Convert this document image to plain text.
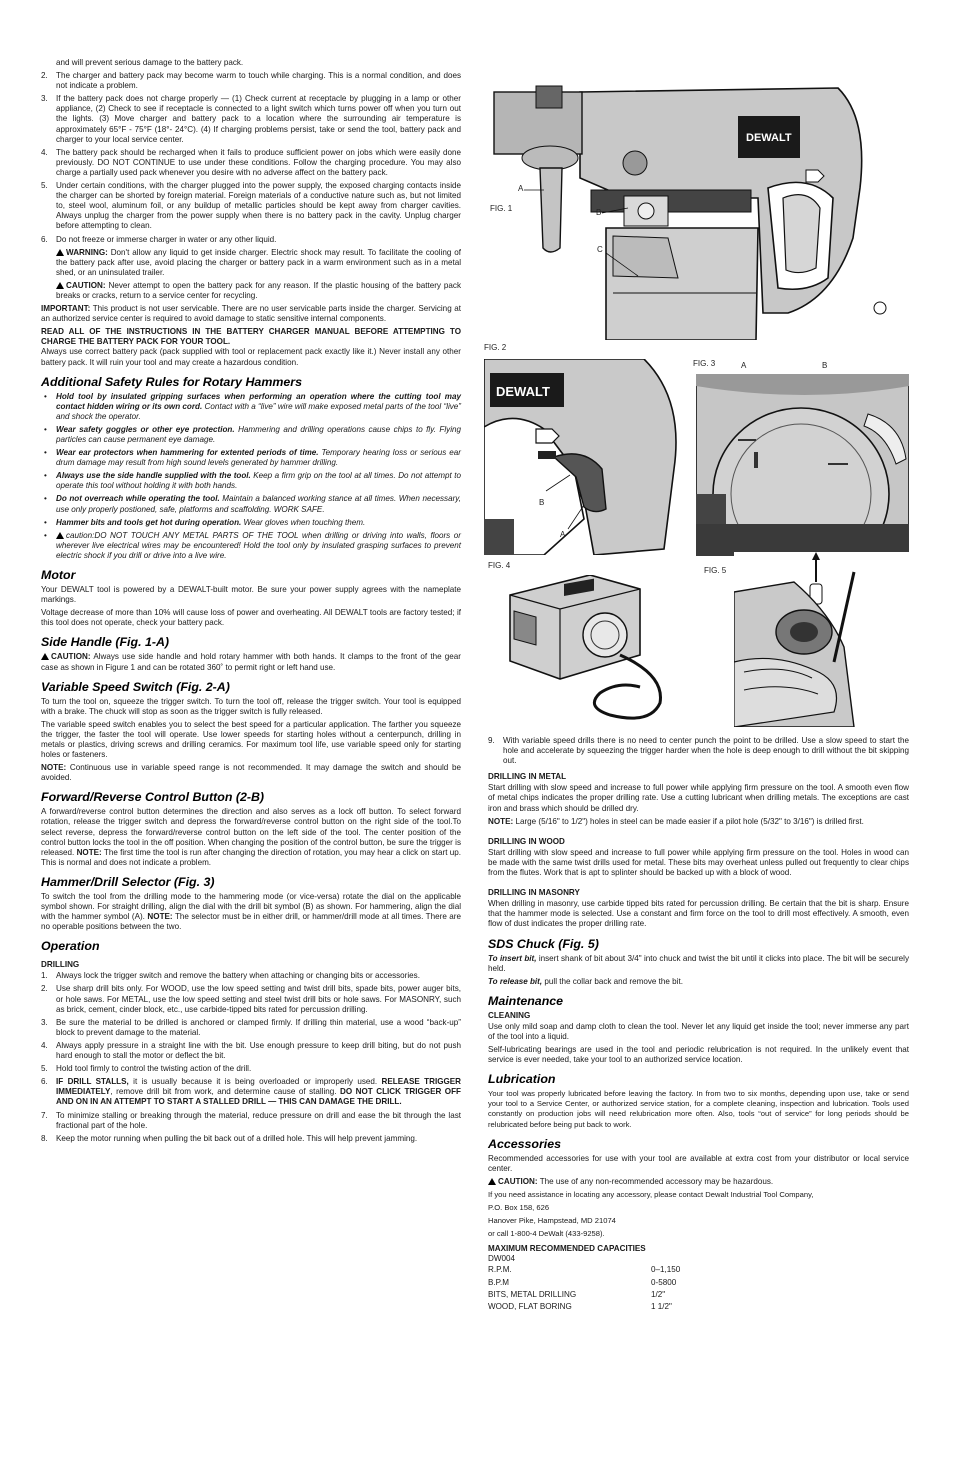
and will prevent serious damage to the battery pack.

2. The charger and battery pack may become warm to touch while charging. This is a normal condition, and does not indicate a problem.
3. If the battery pack does not charge properly — (1) Check current at receptacle by plugging in a lamp or other appliance, (2) Check to see if receptacle is connected to a light switch which turns power off when you turn out the lights. (3) Move charger and battery pack to a location where the surrounding air temperature is approximately 65°F - 75°F (18°- 24°C). (4) If charging problems persist, take or send the tool, battery pack and charger to your local service center.
4. The battery pack should be recharged when it fails to produce sufficient power on jobs which were easily done previously. DO NOT CONTINUE to use under these conditions. Follow the charging procedure. You may also charge a partially used pack whenever you desire with no adverse affect on the battery pack.
5. Under certain conditions, with the charger plugged into the power supply, the exposed charging contacts inside the charger can be shorted by foreign material. Foreign materials of a conductive nature such as, but not limited to, steel wool, aluminum foil, or any buildup of metallic particles should be kept away from charger cavities. Always unplug the charger from the power supply when there is no battery pack in the cavity. Unplug charger before attempting to clean.
6. Do not freeze or immerse charger in water or any other liquid.

WARNING: Don't allow any liquid to get inside charger. Electric shock may result. To facilitate the cooling of the battery pack after use, avoid placing the charger or battery pack in a warm environment such as in a metal shed, or an uninsulated trailer.

CAUTION: Never attempt to open the battery pack for any reason. If the plastic housing of the battery pack breaks or cracks, return to a service center for recycling.

IMPORTANT: This product is not user servicable. There are no user servicable parts inside the charger. Servicing at an authorized service center is required to avoid damage to static sensitive internal components.

READ ALL OF THE INSTRUCTIONS IN THE BATTERY CHARGER MANUAL BEFORE ATTEMPTING TO CHARGE THE BATTERY PACK FOR YOUR TOOL.

Always use correct battery pack (pack supplied with tool or replacement pack exactly like it.) Never install any other battery pack. It will ruin your tool and may create a hazardous condition.

Additional Safety Rules for Rotary Hammers
• Hold tool by insulated gripping surfaces when performing an operation where the cutting tool may contact hidden wiring or its own cord. Contact with a “live” wire will make exposed metal parts of the tool “live” and shock the operator.
• Wear safety goggles or other eye protection. Hammering and drilling operations cause chips to fly. Flying particles can cause permanent eye damage.
• Wear ear protectors when hammering for extented periods of time. Temporary hearing loss or serious ear drum damage may result from high sound levels generated by hammer drilling.
• Always use the side handle supplied with the tool. Keep a firm grip on the tool at all times. Do not attempt to operate this tool without holding it with both hands.
• Do not overreach while operating the tool. Maintain a balanced working stance at all times. When necessary, use only properly postioned, safe, platforms and scaffolding. WORK SAFE.
• Hammer bits and tools get hot during operation. Wear gloves when touching them.
• caution:DO NOT TOUCH ANY METAL PARTS OF THE TOOL when drilling or driving into walls, floors or wherever live electrical wires may be encountered! Hold the tool only by insulated grasping surfaces to prevent electric shock if you drill or drive into a live wire.
Motor

Your DEWALT tool is powered by a DEWALT-built motor. Be sure your power supply agrees with the nameplate markings.

Voltage decrease of more than 10% will cause loss of power and overheating. All DEWALT tools are factory tested; if this tool does not operate, check your battery pack.

Side Handle (Fig. 1-A)

CAUTION: Always use side handle and hold rotary hammer with both hands. It clamps to the front of the gear case as shown in Figure 1 and can be rotated 360˚ to permit right or left hand use.

Variable Speed Switch (Fig. 2-A)

To turn the tool on, squeeze the trigger switch. To turn the tool off, release the trigger switch. Your tool is equipped with a brake. The chuck will stop as soon as the trigger switch is fully released.

The variable speed switch enables you to select the best speed for a particular application. The farther you squeeze the trigger, the faster the tool will operate. Use lower speeds for starting holes without a centerpunch, drilling in metals or plastics, driving screws and drilling ceramics. For maximum tool life, use variable speed only for starting holes or fasteners.

NOTE: Continuous use in variable speed range is not recommended. It may damage the switch and should be avoided.

Forward/Reverse Control Button (2-B)

A forward/reverse control button determines the direction and also serves as a lock off button. To select forward rotation, release the trigger switch and depress the forward/reverse control button on the right side of the tool.To select reverse, depress the forward/reverse control button on the left side of the tool. The center position of the control button locks the tool in the off position. When changing the position of the control button, be sure the trigger is released. NOTE: The first time the tool is run after changing the direction of rotation, you may hear a click on start up. This is normal and does not indicate a problem.

Hammer/Drill Selector (Fig. 3)

To switch the tool from the drilling mode to the hammering mode (or vice-versa) rotate the dial on the applicable symbol shown. For straight drilling, align the dial with the drill bit symbol (B) as shown. For hammering, align the dial with the hammer symbol (A). NOTE: The selector must be in either drill, or hammer/drill mode at all times. There are no operable positions between the two.

Operation
DRILLING
1. Always lock the trigger switch and remove the battery when attaching or changing bits or accessories.
2. Use sharp drill bits only. For WOOD, use the low speed setting and twist drill bits, spade bits, power auger bits, or hole saws. For METAL, use the low speed setting and steel twist drill bits or hole saws. For MASONRY, such as brick, cement, cinder block, etc., use carbide-tipped bits rated for percussion drilling.
3. Be sure the material to be drilled is anchored or clamped firmly. If drilling thin material, use a wood “back-up” block to prevent damage to the material.
4. Always apply pressure in a straight line with the bit. Use enough pressure to keep drill biting, but do not push hard enough to stall the motor or deflect the bit.
5. Hold tool firmly to control the twisting action of the drill.
6. IF DRILL STALLS, it is usually because it is being overloaded or improperly used. RELEASE TRIGGER IMMEDIATELY, remove drill bit from work, and determine cause of stalling. DO NOT CLICK TRIGGER OFF AND ON IN AN ATTEMPT TO START A STALLED DRILL — THIS CAN DAMAGE THE DRILL.
7. To minimize stalling or breaking through the material, reduce pressure on drill and ease the bit through the last fractional part of the hole.
8. Keep the motor running when pulling the bit back out of a drilled hole. This will help prevent jamming.
DEWALT
A
B
C
FIG. 1
FIG. 2
DEWALT
B
A
FIG. 3	A	B
FIG. 4
FIG. 5

9. With variable speed drills there is no need to center punch the point to be drilled. Use a slow speed to start the hole and accelerate by squeezing the trigger harder when the hole is deep enough to drill without the bit skipping out.

DRILLING IN METAL

Start drilling with slow speed and increase to full power while applying firm pressure on the tool. A smooth even flow of metal chips indicates the proper drilling rate. Use a cutting lubricant when drilling metals. The exceptions are cast iron and brass which should be drilled dry.

NOTE: Large (5/16" to 1/2") holes in steel can be made easier if a pilot hole (5/32" to 3/16") is drilled first.

DRILLING IN WOOD

Start drilling with slow speed and increase to full power while applying firm pressure on the tool. Holes in wood can be made with the same twist drills used for metal. These bits may overheat unless pulled out frequently to clear chips from the flutes. Work that is apt to splinter should be backed up with a block of wood.

DRILLING IN MASONRY

When drilling in masonry, use carbide tipped bits rated for percussion drilling. Be certain that the bit is sharp. Ensure that the hammer mode is selected. Use a constant and firm force on the tool to drill most effectively. A smooth, even flow of dust indicates the proper drilling rate.

SDS Chuck (Fig. 5)

To insert bit, insert shank of bit about 3/4" into chuck and twist the bit until it clicks into place. The bit will be securely held.

To release bit, pull the collar back and remove the bit.

Maintenance
CLEANING

Use only mild soap and damp cloth to clean the tool. Never let any liquid get inside the tool; never immerse any part of the tool into a liquid.

Self-lubricating bearings are used in the tool and periodic relubrication is not required. In the unlikely event that service is ever needed, take your tool to an authorized service location.

Lubrication

Your tool was properly lubricated before leaving the factory. In from two to six months, depending upon use, take or send your tool to a Service Center, or authorized service station, for a complete cleaning, inspection and lubrication. Tools used constantly on production jobs will need relubrication more often. Also, tools “out of service” for long periods should be relubricated before being put back to work.

Accessories

Recommended accessories for use with your tool are available at extra cost from your distributor or local service center.

CAUTION: The use of any non-recommended accessory may be hazardous.

If you need assistance in locating any accessory, please contact Dewalt Industrial Tool Company,

P.O. Box 158, 626

Hanover Pike, Hampstead, MD 21074

or call 1-800-4 DeWalt (433-9258).

MAXIMUM RECOMMENDED CAPACITIES

DW004

R.P.M.	0–1,150
B.P.M	0-5800
BITS, METAL DRILLING	1/2"
WOOD, FLAT BORING	1 1/2"
